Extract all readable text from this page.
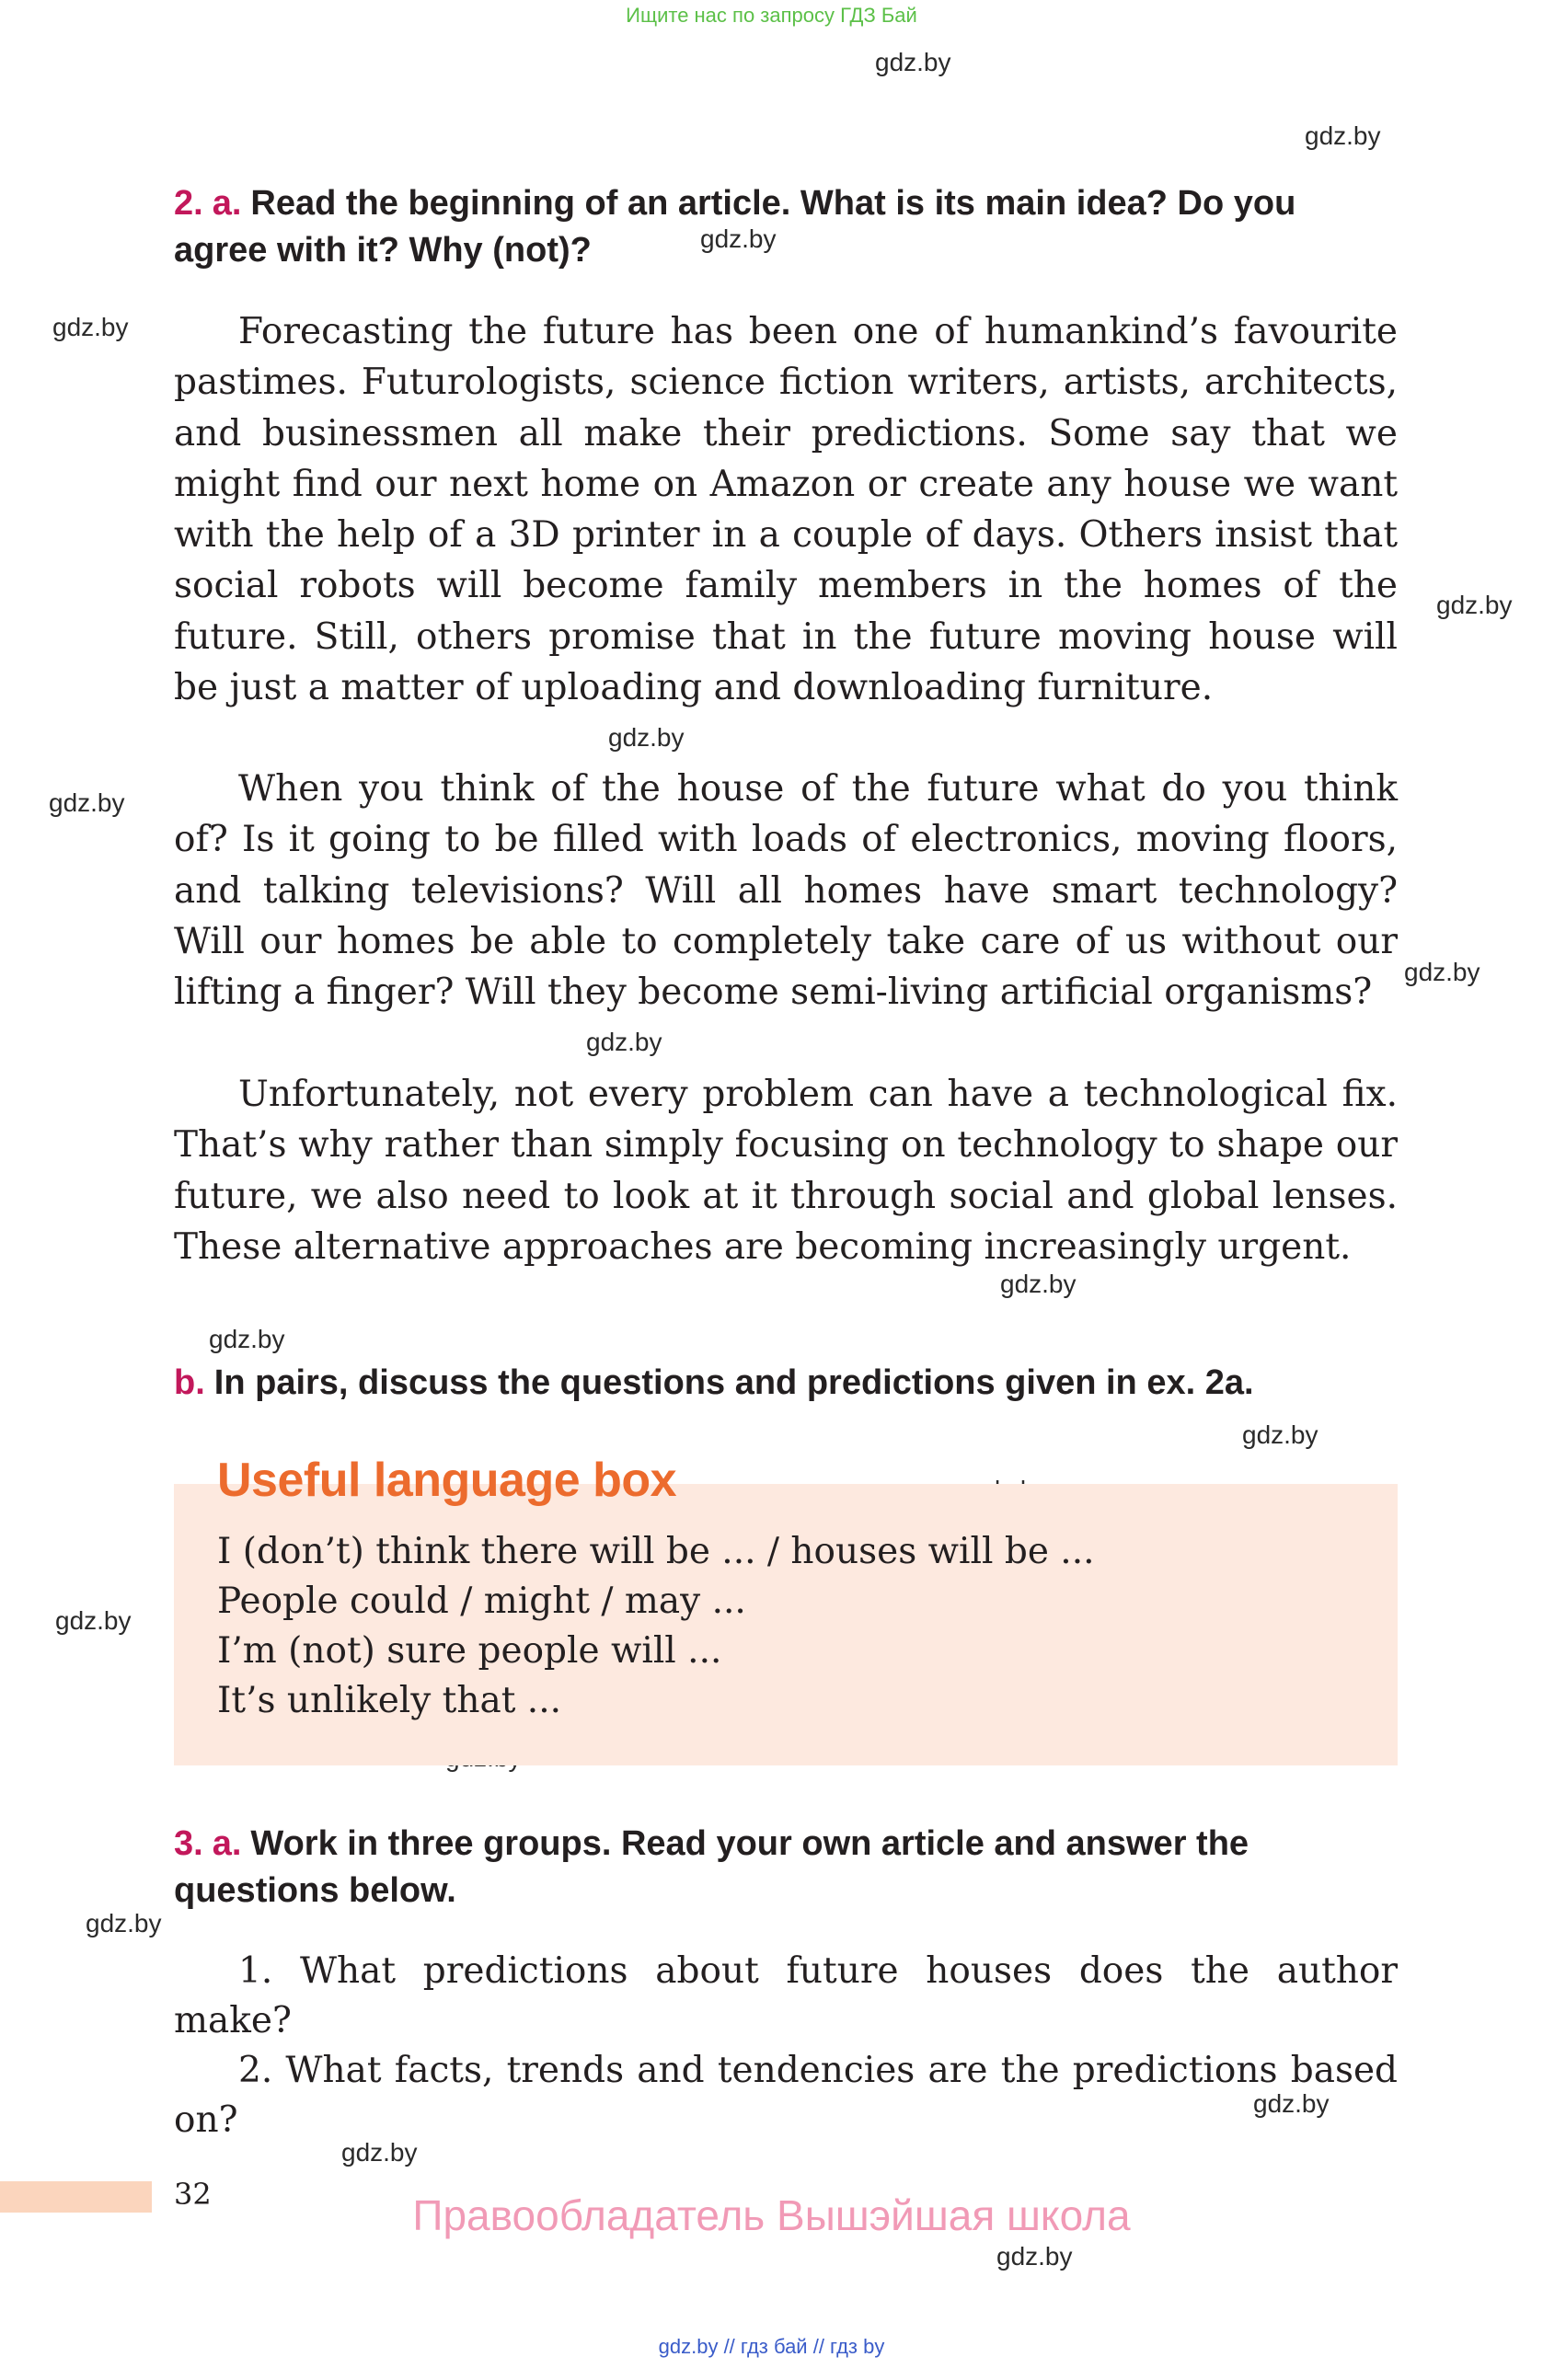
Ищите нас по запросу ГДЗ Бай
gdz.by
gdz.by
gdz.by
gdz.by
gdz.by
gdz.by
gdz.by
gdz.by
gdz.by
gdz.by
gdz.by
gdz.by
gdz.by
gdz.by
gdz.by
gdz.by
gdz.by
2. a. Read the beginning of an article. What is its main idea? Do you agree with it? Why (not)?

Forecasting the future has been one of humankind’s favourite pastimes. Futurologists, science fiction writers, artists, architects, and businessmen all make their predictions. Some say that we might find our next home on Amazon or create any house we want with the help of a 3D printer in a couple of days. Others insist that social robots will become family members in the homes of the future. Still, others promise that in the future moving house will be just a matter of uploading and downloading furniture.

When you think of the house of the future what do you think of? Is it going to be filled with loads of electronics, moving floors, and talking televisions? Will all homes have smart technology? Will our homes be able to completely take care of us without our lifting a finger? Will they become semi-living artificial organisms?

Unfortunately, not every problem can have a technological fix. That’s why rather than simply focusing on technology to shape our future, we also need to look at it through social and global lenses. These alternative approaches are becoming increasingly urgent.

b. In pairs, discuss the questions and predictions given in ex. 2a.
Useful language box
I (don’t) think there will be ... / houses will be ...
People could / might / may ...
I’m (not) sure people will ...
It’s unlikely that ...
3. a. Work in three groups. Read your own article and answer the questions below.

1. What predictions about future houses does the author make?

2. What facts, trends and tendencies are the predictions based on?

32	Правообладатель Вышэйшая школа
gdz.by // гдз бай // гдз by
